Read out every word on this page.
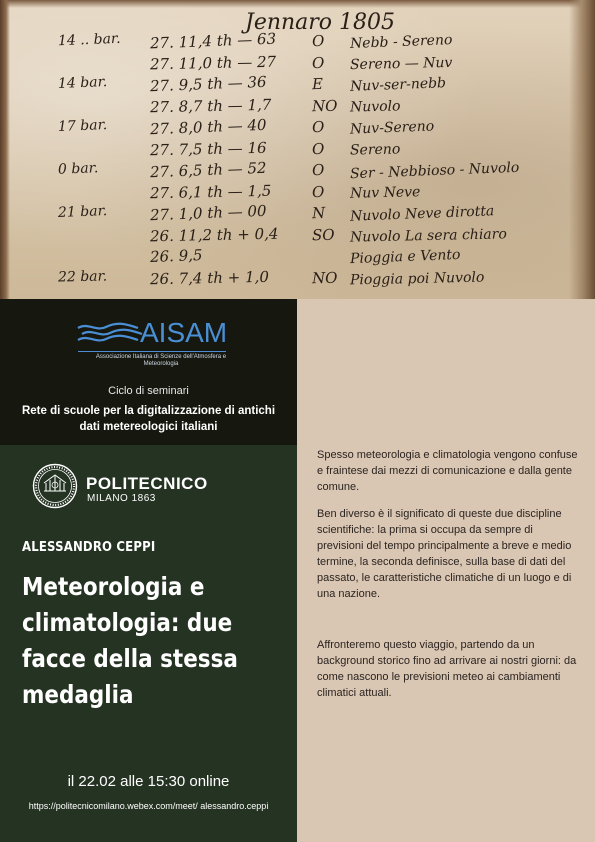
Jennaro 1805
14 .. bar. 27. 11,4 th — 63 O Nebb - Sereno
27. 11,0 th — 27 O Sereno — Nuv
14 bar.	27. 9,5 th — 36	E Nuv-ser-nebb
27. 8,7 th — 1,7	NO Nuvolo
17 bar.	27. 8,0 th — 40	O Nuv-Sereno
27. 7,5 th — 16	O Sereno
0 bar.	27. 6,5 th — 52	O Ser - Nebbioso - Nuvolo
27. 6,1 th — 1,5	O Nuv Neve
21 bar.	27. 1,0 th — 00	N Nuvolo Neve dirotta
26. 11,2 th + 0,4 SO Nuvolo La sera chiaro
26. 9,5	Pioggia e Vento
22 bar.	26. 7,4 th + 1,0	NO Pioggia poi Nuvolo
AISAM
Associazione Italiana di Scienze dell'Atmosfera e Meteorologia
Ciclo di seminari
Rete di scuole per la digitalizzazione di antichi dati metereologici italiani
POLITECNICO
MILANO 1863
ALESSANDRO CEPPI
Meteorologia e climatologia: due facce della stessa medaglia
il 22.02 alle 15:30 online
https://politecnicomilano.webex.com/meet/ alessandro.ceppi
Spesso meteorologia e climatologia vengono confuse e fraintese dai mezzi di comunicazione e dalla gente comune.
Ben diverso è il significato di queste due discipline scientifiche: la prima si occupa da sempre di previsioni del tempo principalmente a breve e medio termine, la seconda definisce, sulla base di dati del passato, le caratteristiche climatiche di un luogo e di una nazione.
Affronteremo questo viaggio, partendo da un background storico fino ad arrivare ai nostri giorni: da come nascono le previsioni meteo ai cambiamenti climatici attuali.
